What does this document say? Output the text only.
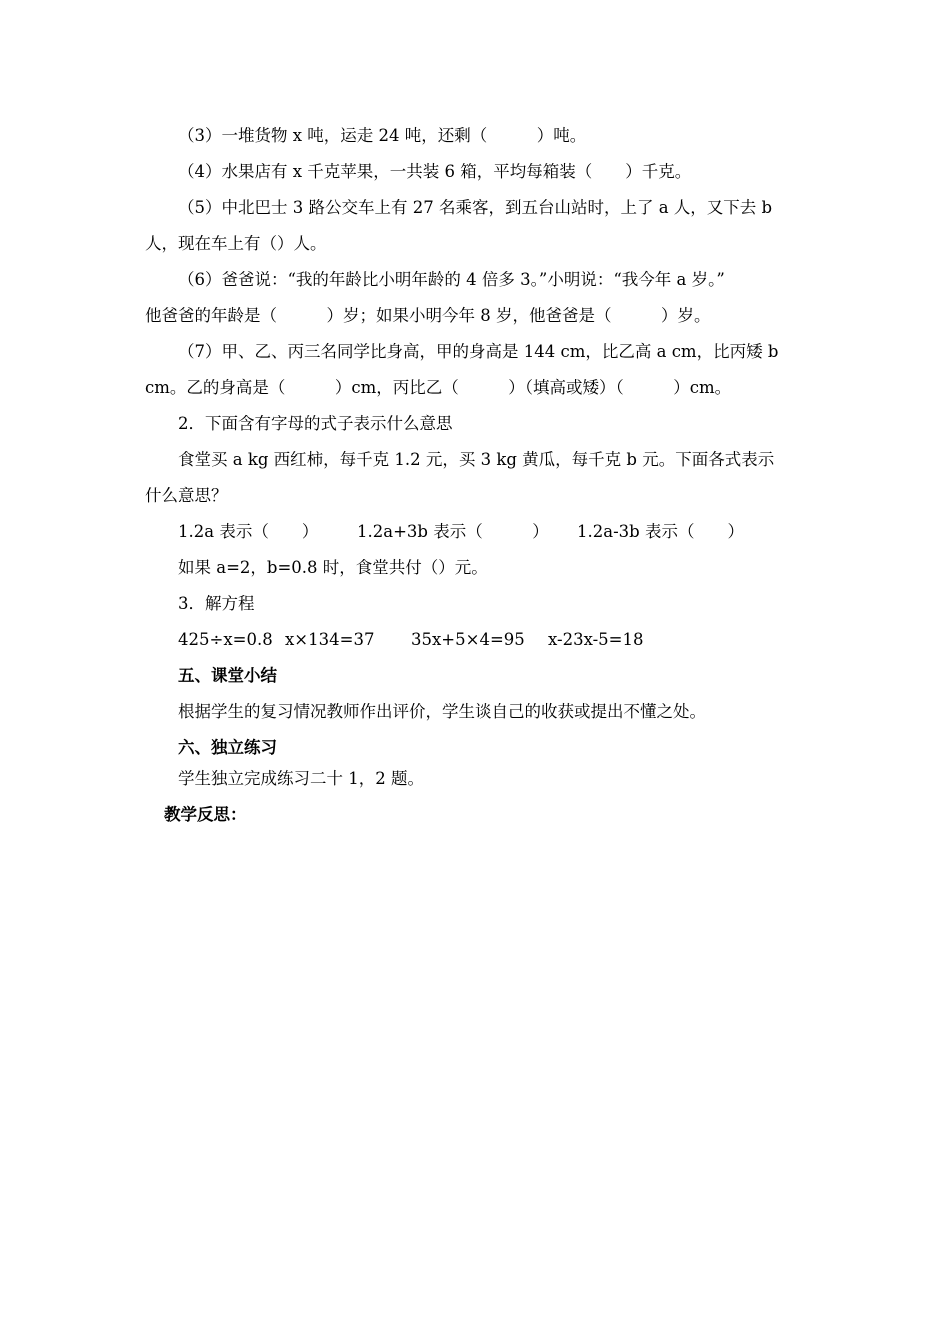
（3）一堆货物 x 吨，运走 24 吨，还剩（　　　）吨。
（4）水果店有 x 千克苹果，一共装 6 箱，平均每箱装（　　）千克。
（5）中北巴士 3 路公交车上有 27 名乘客，到五台山站时，上了 a 人，又下去 b
人，现在车上有（）人。
（6）爸爸说：“我的年龄比小明年龄的 4 倍多 3。”小明说：“我今年 a 岁。”
他爸爸的年龄是（　　　）岁；如果小明今年 8 岁，他爸爸是（　　　）岁。
（7）甲、乙、丙三名同学比身高，甲的身高是 144 cm，比乙高 a cm，比丙矮 b
cm。乙的身高是（　　　）cm，丙比乙（　　　）（填高或矮）（　　　）cm。
2．下面含有字母的式子表示什么意思
食堂买 a kg 西红柿，每千克 1.2 元，买 3 kg 黄瓜，每千克 b 元。下面各式表示
什么意思？
1.2a 表示（　　） 1.2a+3b 表示（　　　） 1.2a-3b 表示（　　）
如果 a=2，b=0.8 时，食堂共付（）元。
3．解方程
425÷x=0.8 x×134=37 35x+5×4=95 x-23x-5=18
五、课堂小结
根据学生的复习情况教师作出评价，学生谈自己的收获或提出不懂之处。
六、独立练习
学生独立完成练习二十 1，2 题。
教学反思：
